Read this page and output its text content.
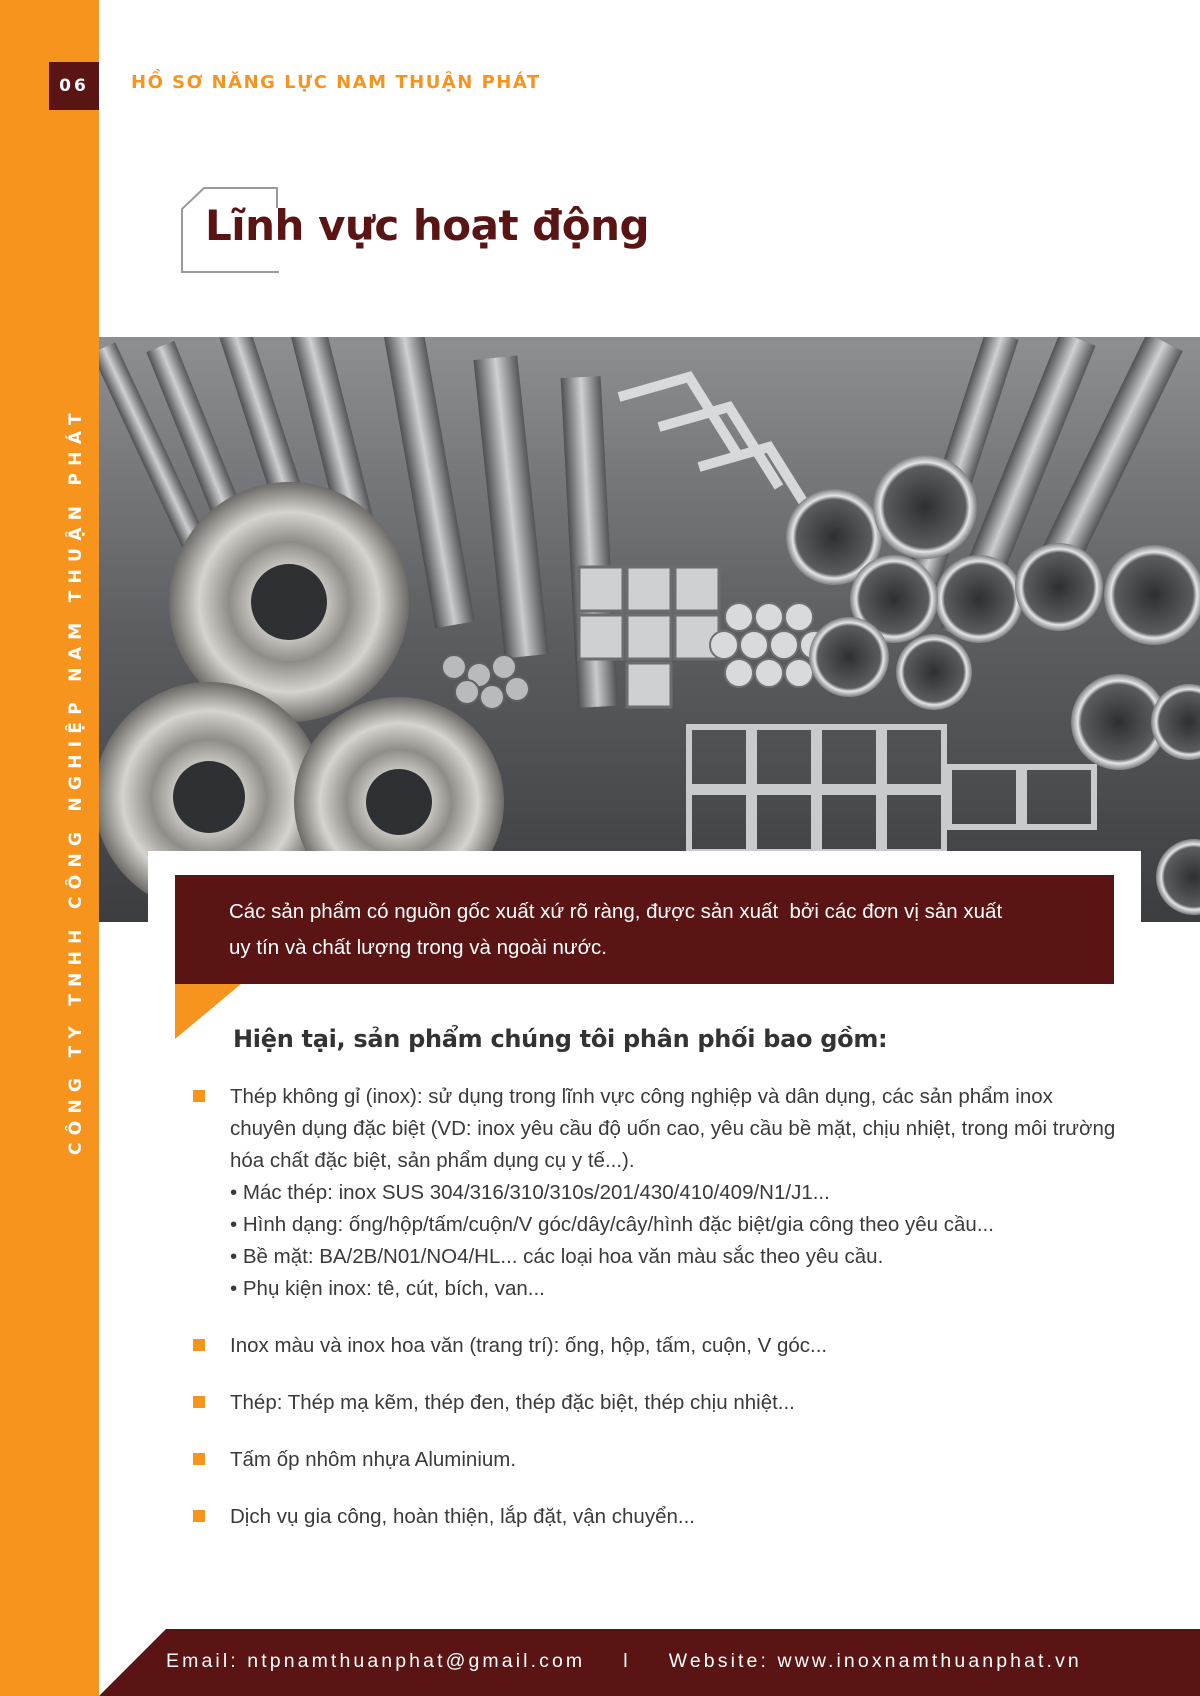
06	HỒ SƠ NĂNG LỰC NAM THUẬN PHÁT
CÔNG TY TNHH CÔNG NGHIỆP NAM THUẬN PHÁT
Lĩnh vực hoạt động
Các sản phẩm có nguồn gốc xuất xứ rõ ràng, được sản xuất  bởi các đơn vị sản xuất
uy tín và chất lượng trong và ngoài nước.
Hiện tại, sản phẩm chúng tôi phân phối bao gồm:
Thép không gỉ (inox): sử dụng trong lĩnh vực công nghiệp và dân dụng, các sản phẩm inox chuyên dụng đặc biệt (VD: inox yêu cầu độ uốn cao, yêu cầu bề mặt, chịu nhiệt, trong môi trường hóa chất đặc biệt, sản phẩm dụng cụ y tế...).
• Mác thép: inox SUS 304/316/310/310s/201/430/410/409/N1/J1...
• Hình dạng: ống/hộp/tấm/cuộn/V góc/dây/cây/hình đặc biệt/gia công theo yêu cầu...
• Bề mặt: BA/2B/N01/NO4/HL... các loại hoa văn màu sắc theo yêu cầu.
• Phụ kiện inox: tê, cút, bích, van...
Inox màu và inox hoa văn (trang trí): ống, hộp, tấm, cuộn, V góc...
Thép: Thép mạ kẽm, thép đen, thép đặc biệt, thép chịu nhiệt...
Tấm ốp nhôm nhựa Aluminium.
Dịch vụ gia công, hoàn thiện, lắp đặt, vận chuyển...
Email: ntpnamthuanphat@gmail.com l Website: www.inoxnamthuanphat.vn
